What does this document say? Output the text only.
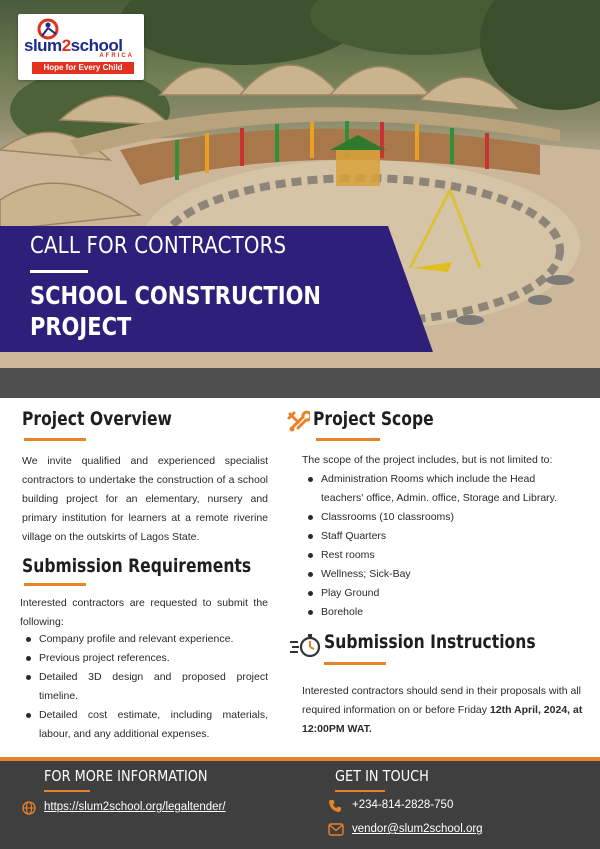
slum2school
AFRICA
Hope for Every Child
CALL FOR CONTRACTORS
SCHOOL CONSTRUCTION
PROJECT
Project Overview

We invite qualified and experienced specialist contractors to undertake the construction of a school building project for an elementary, nursery and primary institution for learners at a remote riverine village on the outskirts of Lagos State.

Submission Requirements

Interested contractors are requested to submit the following:

Company profile and relevant experience.
Previous project references.
Detailed 3D design and proposed project timeline.
Detailed cost estimate, including materials, labour, and any additional expenses.
Project Scope

The scope of the project includes, but is not limited to:

Administration Rooms which include the Head teachers' office, Admin. office, Storage and Library.
Classrooms (10 classrooms)
Staff Quarters
Rest rooms
Wellness; Sick-Bay
Play Ground
Borehole
Submission Instructions

Interested contractors should send in their proposals with all required information on or before Friday 12th April, 2024, at 12:00PM WAT.

FOR MORE INFORMATION
https://slum2school.org/legaltender/
GET IN TOUCH
+234-814-2828-750
vendor@slum2school.org
